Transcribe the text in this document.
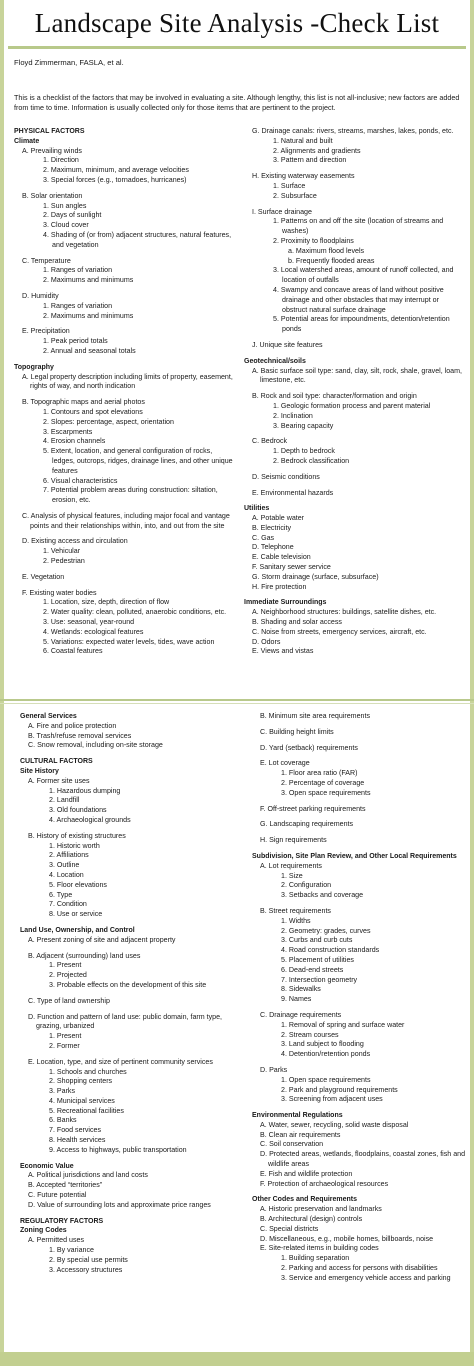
Landscape Site Analysis -Check List
Floyd Zimmerman, FASLA, et al.
This is a checklist of the factors that may be involved in evaluating a site. Although lengthy, this list is not all-inclusive; new factors are added from time to time. Information is usually collected only for those items that are pertinent to the project.
PHYSICAL FACTORS
Climate
A. Prevailing winds
1. Direction
2. Maximum, minimum, and average velocities
3. Special forces (e.g., tornadoes, hurricanes)
B. Solar orientation
1. Sun angles
2. Days of sunlight
3. Cloud cover
4. Shading of (or from) adjacent structures, natural features, and vegetation
C. Temperature
1. Ranges of variation
2. Maximums and minimums
D. Humidity
1. Ranges of variation
2. Maximums and minimums
E. Precipitation
1. Peak period totals
2. Annual and seasonal totals
Topography
A. Legal property description including limits of property, easement, rights of way, and north indication
B. Topographic maps and aerial photos
1. Contours and spot elevations
2. Slopes: percentage, aspect, orientation
3. Escarpments
4. Erosion channels
5. Extent, location, and general configuration of rocks, ledges, outcrops, ridges, drainage lines, and other unique features
6. Visual characteristics
7. Potential problem areas during construction: siltation, erosion, etc.
C. Analysis of physical features, including major focal and vantage points and their relationships within, into, and out from the site
D. Existing access and circulation
1. Vehicular
2. Pedestrian
E. Vegetation
F. Existing water bodies
1. Location, size, depth, direction of flow
2. Water quality: clean, polluted, anaerobic conditions, etc.
3. Use: seasonal, year-round
4. Wetlands: ecological features
5. Variations: expected water levels, tides, wave action
6. Coastal features
G. Drainage canals: rivers, streams, marshes, lakes, ponds, etc.
1. Natural and built
2. Alignments and gradients
3. Pattern and direction
H. Existing waterway easements
1. Surface
2. Subsurface
I. Surface drainage
1. Patterns on and off the site (location of streams and washes)
2. Proximity to floodplains
a. Maximum flood levels
b. Frequently flooded areas
3. Local watershed areas, amount of runoff collected, and location of outfalls
4. Swampy and concave areas of land without positive drainage and other obstacles that may interrupt or obstruct natural surface drainage
5. Potential areas for impoundments, detention/retention ponds
J. Unique site features
Geotechnical/soils
A. Basic surface soil type: sand, clay, silt, rock, shale, gravel, loam, limestone, etc.
B. Rock and soil type: character/formation and origin
1. Geologic formation process and parent material
2. Inclination
3. Bearing capacity
C. Bedrock
1. Depth to bedrock
2. Bedrock classification
D. Seismic conditions
E. Environmental hazards
Utilities
A. Potable water
B. Electricity
C. Gas
D. Telephone
E. Cable television
F. Sanitary sewer service
G. Storm drainage (surface, subsurface)
H. Fire protection
Immediate Surroundings
A. Neighborhood structures: buildings, satellite dishes, etc.
B. Shading and solar access
C. Noise from streets, emergency services, aircraft, etc.
D. Odors
E. Views and vistas
General Services
A. Fire and police protection
B. Trash/refuse removal services
C. Snow removal, including on-site storage
CULTURAL FACTORS
Site History
A. Former site uses
1. Hazardous dumping
2. Landfill
3. Old foundations
4. Archaeological grounds
B. History of existing structures
1. Historic worth
2. Affiliations
3. Outline
4. Location
5. Floor elevations
6. Type
7. Condition
8. Use or service
Land Use, Ownership, and Control
A. Present zoning of site and adjacent property
B. Adjacent (surrounding) land uses
1. Present
2. Projected
3. Probable effects on the development of this site
C. Type of land ownership
D. Function and pattern of land use: public domain, farm type, grazing, urbanized
1. Present
2. Former
E. Location, type, and size of pertinent community services
1. Schools and churches
2. Shopping centers
3. Parks
4. Municipal services
5. Recreational facilities
6. Banks
7. Food services
8. Health services
9. Access to highways, public transportation
Economic Value
A. Political jurisdictions and land costs
B. Accepted “territories”
C. Future potential
D. Value of surrounding lots and approximate price ranges
REGULATORY FACTORS
Zoning Codes
A. Permitted uses
1. By variance
2. By special use permits
3. Accessory structures
B. Minimum site area requirements
C. Building height limits
D. Yard (setback) requirements
E. Lot coverage
1. Floor area ratio (FAR)
2. Percentage of coverage
3. Open space requirements
F. Off-street parking requirements
G. Landscaping requirements
H. Sign requirements
Subdivision, Site Plan Review, and Other Local Requirements
A. Lot requirements
1. Size
2. Configuration
3. Setbacks and coverage
B. Street requirements
1. Widths
2. Geometry: grades, curves
3. Curbs and curb cuts
4. Road construction standards
5. Placement of utilities
6. Dead-end streets
7. Intersection geometry
8. Sidewalks
9. Names
C. Drainage requirements
1. Removal of spring and surface water
2. Stream courses
3. Land subject to flooding
4. Detention/retention ponds
D. Parks
1. Open space requirements
2. Park and playground requirements
3. Screening from adjacent uses
Environmental Regulations
A. Water, sewer, recycling, solid waste disposal
B. Clean air requirements
C. Soil conservation
D. Protected areas, wetlands, floodplains, coastal zones, fish and wildlife areas
E. Fish and wildlife protection
F. Protection of archaeological resources
Other Codes and Requirements
A. Historic preservation and landmarks
B. Architectural (design) controls
C. Special districts
D. Miscellaneous, e.g., mobile homes, billboards, noise
E. Site-related items in building codes
1. Building separation
2. Parking and access for persons with disabilities
3. Service and emergency vehicle access and parking
